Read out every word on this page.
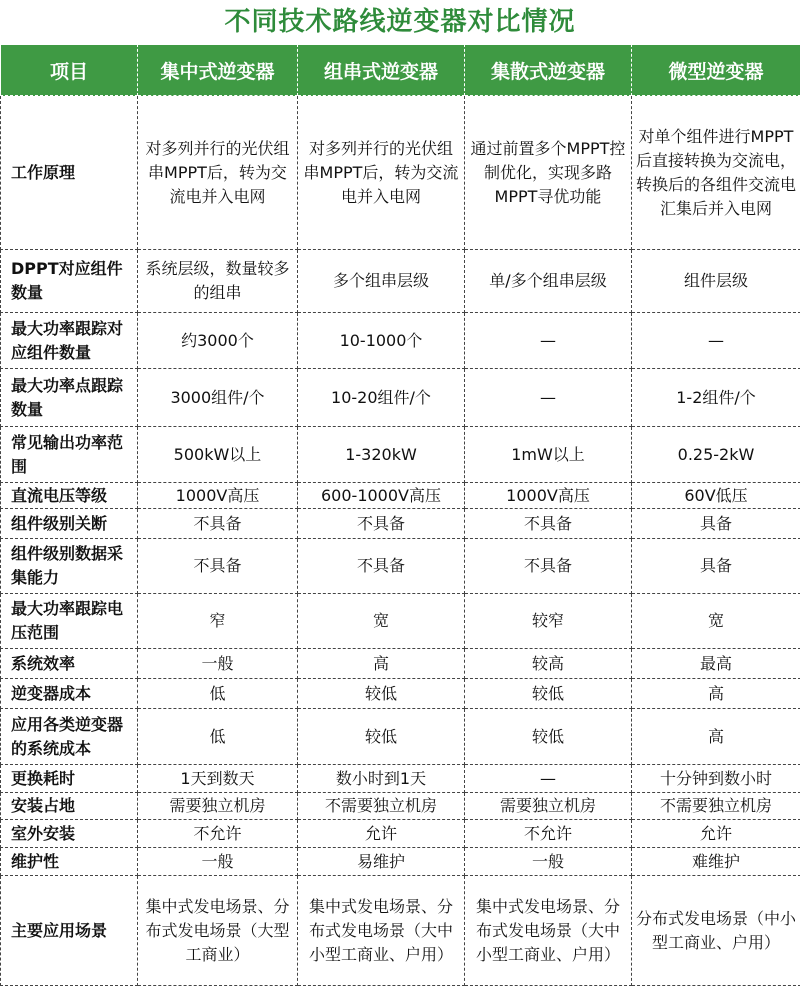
不同技术路线逆变器对比情况
项目	集中式逆变器	组串式逆变器	集散式逆变器	微型逆变器
工作原理	对多列并行的光伏组串MPPT后，转为交流电并入电网	对多列并行的光伏组串MPPT后，转为交流电并入电网	通过前置多个MPPT控制优化，实现多路MPPT寻优功能	对单个组件进行MPPT后直接转换为交流电，转换后的各组件交流电汇集后并入电网
DPPT对应组件数量	系统层级，数量较多的组串	多个组串层级	单/多个组串层级	组件层级
最大功率跟踪对应组件数量	约3000个	10-1000个	—	—
最大功率点跟踪数量	3000组件/个	10-20组件/个	—	1-2组件/个
常见输出功率范围	500kW以上	1-320kW	1mW以上	0.25-2kW
直流电压等级	1000V高压	600-1000V高压	1000V高压	60V低压
组件级别关断	不具备	不具备	不具备	具备
组件级别数据采集能力	不具备	不具备	不具备	具备
最大功率跟踪电压范围	窄	宽	较窄	宽
系统效率	一般	高	较高	最高
逆变器成本	低	较低	较低	高
应用各类逆变器的系统成本	低	较低	较低	高
更换耗时	1天到数天	数小时到1天	—	十分钟到数小时
安装占地	需要独立机房	不需要独立机房	需要独立机房	不需要独立机房
室外安装	不允许	允许	不允许	允许
维护性	一般	易维护	一般	难维护
主要应用场景	集中式发电场景、分布式发电场景（大型工商业）	集中式发电场景、分布式发电场景（大中小型工商业、户用）	集中式发电场景、分布式发电场景（大中小型工商业、户用）	分布式发电场景（中小型工商业、户用）
